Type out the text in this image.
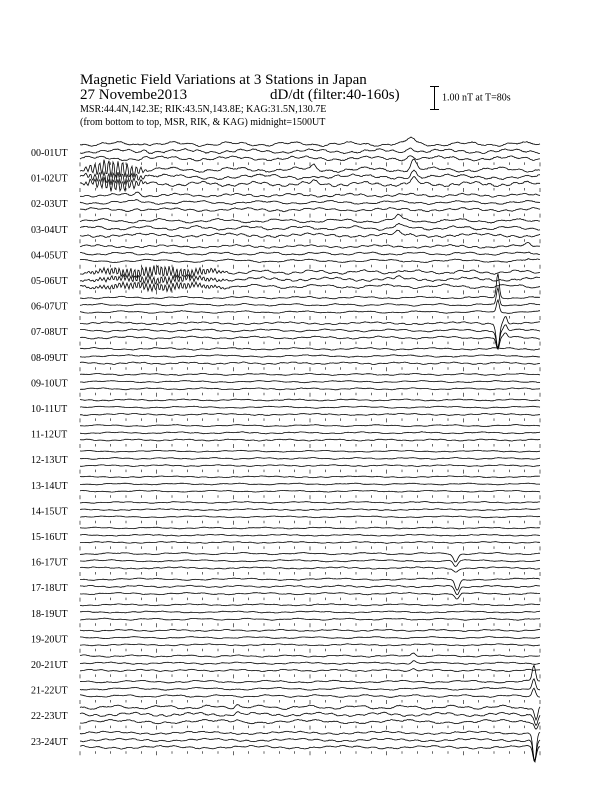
Magnetic Field Variations at 3 Stations in Japan
27 Novembe2013	dD/dt (filter:40-160s)
MSR:44.4N,142.3E; RIK:43.5N,143.8E; KAG:31.5N,130.7E
(from bottom to top, MSR, RIK, & KAG) midnight=1500UT
1.00 nT at T=80s
00-01UT
01-02UT
02-03UT
03-04UT
04-05UT
05-06UT
06-07UT
07-08UT
08-09UT
09-10UT
10-11UT
11-12UT
12-13UT
13-14UT
14-15UT
15-16UT
16-17UT
17-18UT
18-19UT
19-20UT
20-21UT
21-22UT
22-23UT
23-24UT
